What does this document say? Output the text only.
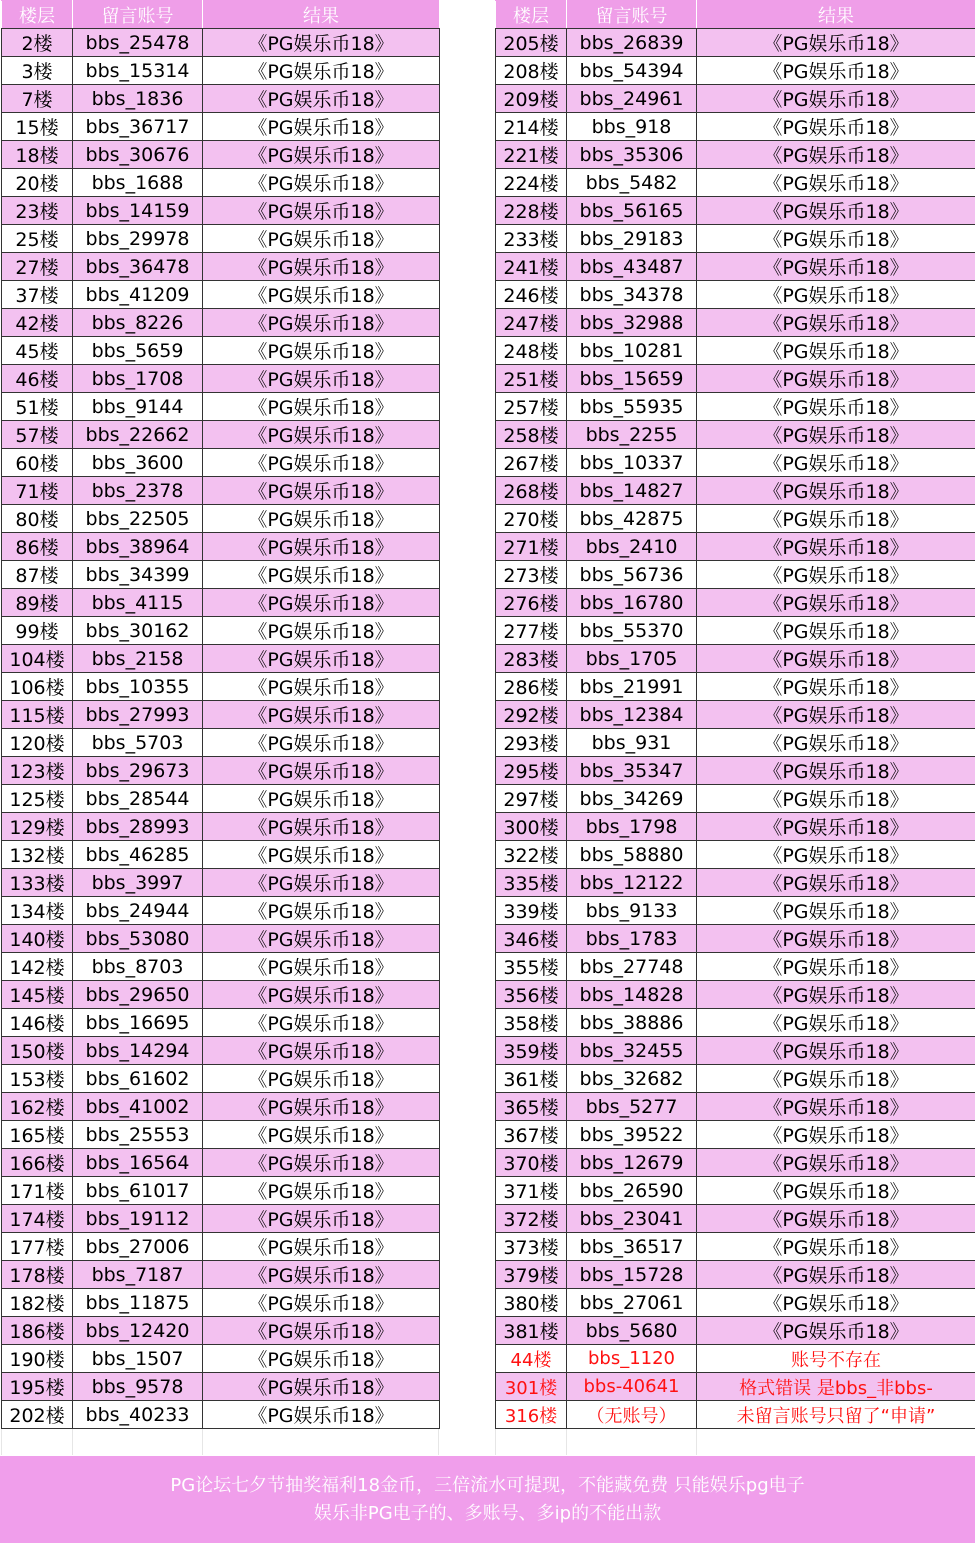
楼层	留言账号	结果
2楼	bbs_25478	《PG娱乐币18》
3楼	bbs_15314	《PG娱乐币18》
7楼	bbs_1836	《PG娱乐币18》
15楼	bbs_36717	《PG娱乐币18》
18楼	bbs_30676	《PG娱乐币18》
20楼	bbs_1688	《PG娱乐币18》
23楼	bbs_14159	《PG娱乐币18》
25楼	bbs_29978	《PG娱乐币18》
27楼	bbs_36478	《PG娱乐币18》
37楼	bbs_41209	《PG娱乐币18》
42楼	bbs_8226	《PG娱乐币18》
45楼	bbs_5659	《PG娱乐币18》
46楼	bbs_1708	《PG娱乐币18》
51楼	bbs_9144	《PG娱乐币18》
57楼	bbs_22662	《PG娱乐币18》
60楼	bbs_3600	《PG娱乐币18》
71楼	bbs_2378	《PG娱乐币18》
80楼	bbs_22505	《PG娱乐币18》
86楼	bbs_38964	《PG娱乐币18》
87楼	bbs_34399	《PG娱乐币18》
89楼	bbs_4115	《PG娱乐币18》
99楼	bbs_30162	《PG娱乐币18》
104楼	bbs_2158	《PG娱乐币18》
106楼	bbs_10355	《PG娱乐币18》
115楼	bbs_27993	《PG娱乐币18》
120楼	bbs_5703	《PG娱乐币18》
123楼	bbs_29673	《PG娱乐币18》
125楼	bbs_28544	《PG娱乐币18》
129楼	bbs_28993	《PG娱乐币18》
132楼	bbs_46285	《PG娱乐币18》
133楼	bbs_3997	《PG娱乐币18》
134楼	bbs_24944	《PG娱乐币18》
140楼	bbs_53080	《PG娱乐币18》
142楼	bbs_8703	《PG娱乐币18》
145楼	bbs_29650	《PG娱乐币18》
146楼	bbs_16695	《PG娱乐币18》
150楼	bbs_14294	《PG娱乐币18》
153楼	bbs_61602	《PG娱乐币18》
162楼	bbs_41002	《PG娱乐币18》
165楼	bbs_25553	《PG娱乐币18》
166楼	bbs_16564	《PG娱乐币18》
171楼	bbs_61017	《PG娱乐币18》
174楼	bbs_19112	《PG娱乐币18》
177楼	bbs_27006	《PG娱乐币18》
178楼	bbs_7187	《PG娱乐币18》
182楼	bbs_11875	《PG娱乐币18》
186楼	bbs_12420	《PG娱乐币18》
190楼	bbs_1507	《PG娱乐币18》
195楼	bbs_9578	《PG娱乐币18》
202楼	bbs_40233	《PG娱乐币18》
楼层	留言账号	结果
205楼	bbs_26839	《PG娱乐币18》
208楼	bbs_54394	《PG娱乐币18》
209楼	bbs_24961	《PG娱乐币18》
214楼	bbs_918	《PG娱乐币18》
221楼	bbs_35306	《PG娱乐币18》
224楼	bbs_5482	《PG娱乐币18》
228楼	bbs_56165	《PG娱乐币18》
233楼	bbs_29183	《PG娱乐币18》
241楼	bbs_43487	《PG娱乐币18》
246楼	bbs_34378	《PG娱乐币18》
247楼	bbs_32988	《PG娱乐币18》
248楼	bbs_10281	《PG娱乐币18》
251楼	bbs_15659	《PG娱乐币18》
257楼	bbs_55935	《PG娱乐币18》
258楼	bbs_2255	《PG娱乐币18》
267楼	bbs_10337	《PG娱乐币18》
268楼	bbs_14827	《PG娱乐币18》
270楼	bbs_42875	《PG娱乐币18》
271楼	bbs_2410	《PG娱乐币18》
273楼	bbs_56736	《PG娱乐币18》
276楼	bbs_16780	《PG娱乐币18》
277楼	bbs_55370	《PG娱乐币18》
283楼	bbs_1705	《PG娱乐币18》
286楼	bbs_21991	《PG娱乐币18》
292楼	bbs_12384	《PG娱乐币18》
293楼	bbs_931	《PG娱乐币18》
295楼	bbs_35347	《PG娱乐币18》
297楼	bbs_34269	《PG娱乐币18》
300楼	bbs_1798	《PG娱乐币18》
322楼	bbs_58880	《PG娱乐币18》
335楼	bbs_12122	《PG娱乐币18》
339楼	bbs_9133	《PG娱乐币18》
346楼	bbs_1783	《PG娱乐币18》
355楼	bbs_27748	《PG娱乐币18》
356楼	bbs_14828	《PG娱乐币18》
358楼	bbs_38886	《PG娱乐币18》
359楼	bbs_32455	《PG娱乐币18》
361楼	bbs_32682	《PG娱乐币18》
365楼	bbs_5277	《PG娱乐币18》
367楼	bbs_39522	《PG娱乐币18》
370楼	bbs_12679	《PG娱乐币18》
371楼	bbs_26590	《PG娱乐币18》
372楼	bbs_23041	《PG娱乐币18》
373楼	bbs_36517	《PG娱乐币18》
379楼	bbs_15728	《PG娱乐币18》
380楼	bbs_27061	《PG娱乐币18》
381楼	bbs_5680	《PG娱乐币18》
44楼	bbs_1120	账号不存在
301楼	bbs-40641	格式错误 是bbs_非bbs-
316楼	（无账号）	未留言账号只留了“申请”

PG论坛七夕节抽奖福利18金币，三倍流水可提现，不能藏免费 只能娱乐pg电子

娱乐非PG电子的、多账号、多ip的不能出款
